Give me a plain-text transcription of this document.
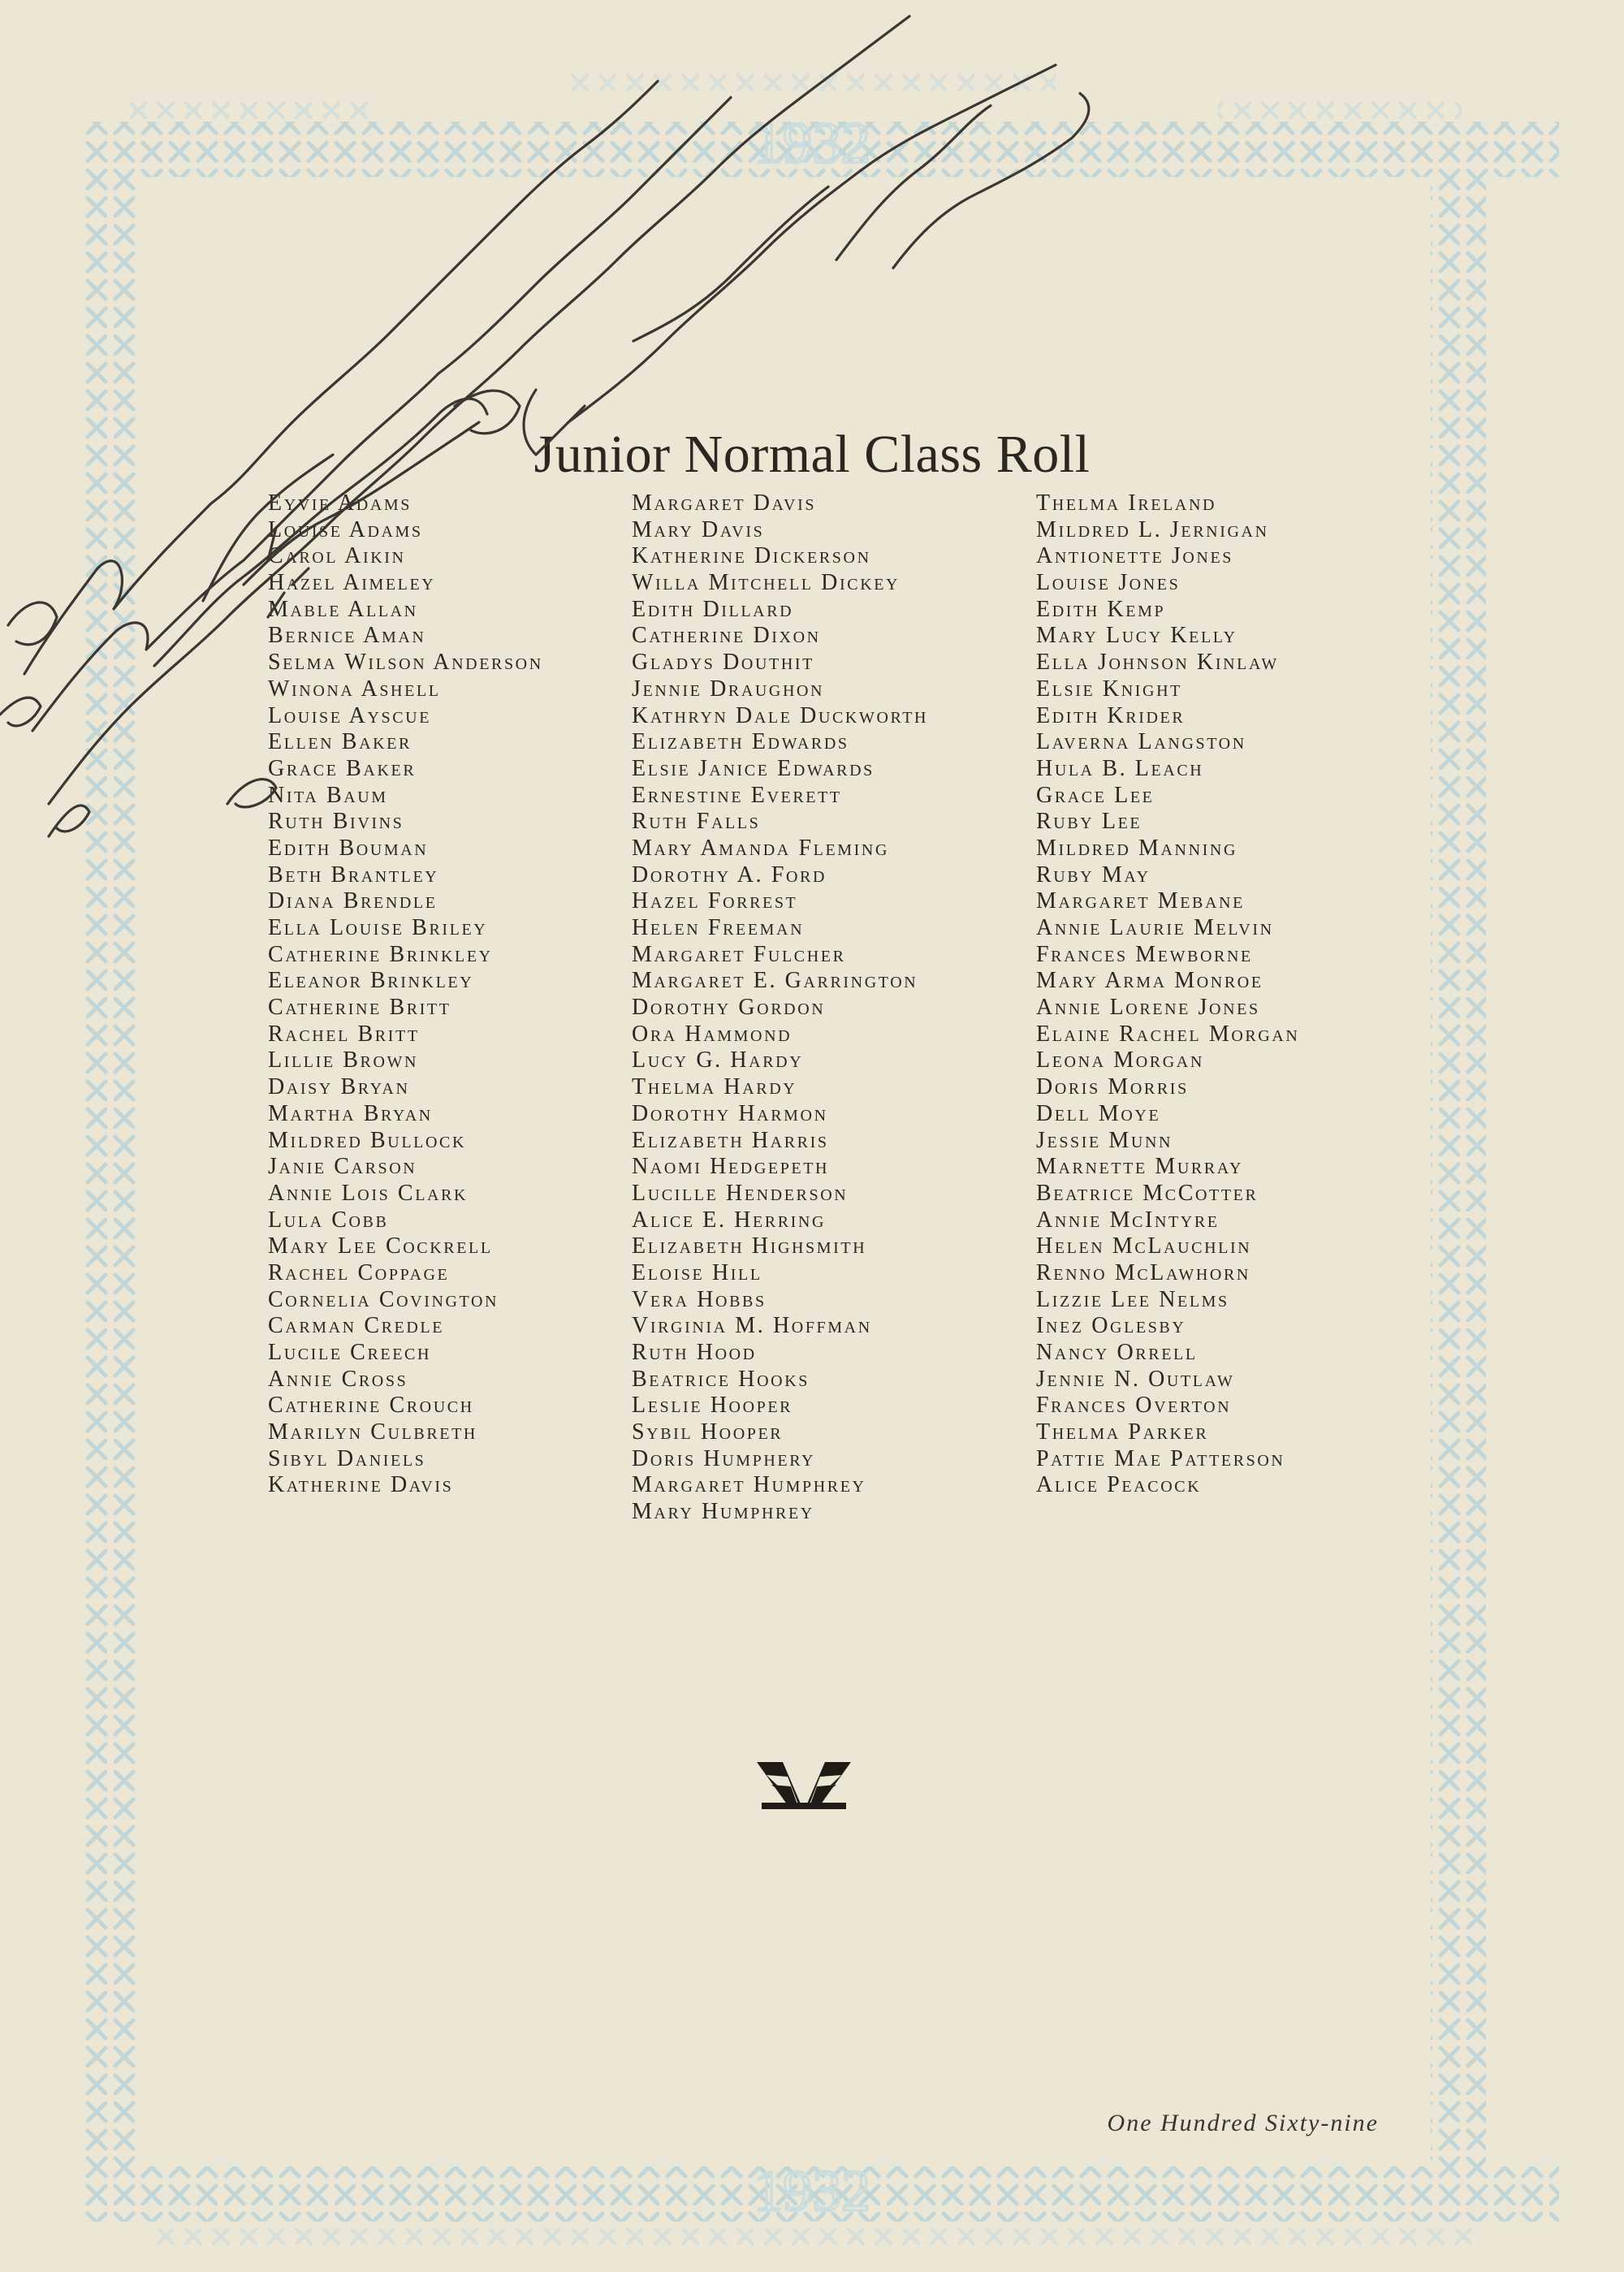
1932
1932
Junior Normal Class Roll
Eyvie Adams
Louise Adams
Carol Aikin
Hazel Aimeley
Mable Allan
Bernice Aman
Selma Wilson Anderson
Winona Ashell
Louise Ayscue
Ellen Baker
Grace Baker
Nita Baum
Ruth Bivins
Edith Bouman
Beth Brantley
Diana Brendle
Ella Louise Briley
Catherine Brinkley
Eleanor Brinkley
Catherine Britt
Rachel Britt
Lillie Brown
Daisy Bryan
Martha Bryan
Mildred Bullock
Janie Carson
Annie Lois Clark
Lula Cobb
Mary Lee Cockrell
Rachel Coppage
Cornelia Covington
Carman Credle
Lucile Creech
Annie Cross
Catherine Crouch
Marilyn Culbreth
Sibyl Daniels
Katherine Davis
Margaret Davis
Mary Davis
Katherine Dickerson
Willa Mitchell Dickey
Edith Dillard
Catherine Dixon
Gladys Douthit
Jennie Draughon
Kathryn Dale Duckworth
Elizabeth Edwards
Elsie Janice Edwards
Ernestine Everett
Ruth Falls
Mary Amanda Fleming
Dorothy A. Ford
Hazel Forrest
Helen Freeman
Margaret Fulcher
Margaret E. Garrington
Dorothy Gordon
Ora Hammond
Lucy G. Hardy
Thelma Hardy
Dorothy Harmon
Elizabeth Harris
Naomi Hedgepeth
Lucille Henderson
Alice E. Herring
Elizabeth Highsmith
Eloise Hill
Vera Hobbs
Virginia M. Hoffman
Ruth Hood
Beatrice Hooks
Leslie Hooper
Sybil Hooper
Doris Humphery
Margaret Humphrey
Mary Humphrey
Thelma Ireland
Mildred L. Jernigan
Antionette Jones
Louise Jones
Edith Kemp
Mary Lucy Kelly
Ella Johnson Kinlaw
Elsie Knight
Edith Krider
Laverna Langston
Hula B. Leach
Grace Lee
Ruby Lee
Mildred Manning
Ruby May
Margaret Mebane
Annie Laurie Melvin
Frances Mewborne
Mary Arma Monroe
Annie Lorene Jones
Elaine Rachel Morgan
Leona Morgan
Doris Morris
Dell Moye
Jessie Munn
Marnette Murray
Beatrice McCotter
Annie McIntyre
Helen McLauchlin
Renno McLawhorn
Lizzie Lee Nelms
Inez Oglesby
Nancy Orrell
Jennie N. Outlaw
Frances Overton
Thelma Parker
Pattie Mae Patterson
Alice Peacock
One Hundred Sixty-nine
